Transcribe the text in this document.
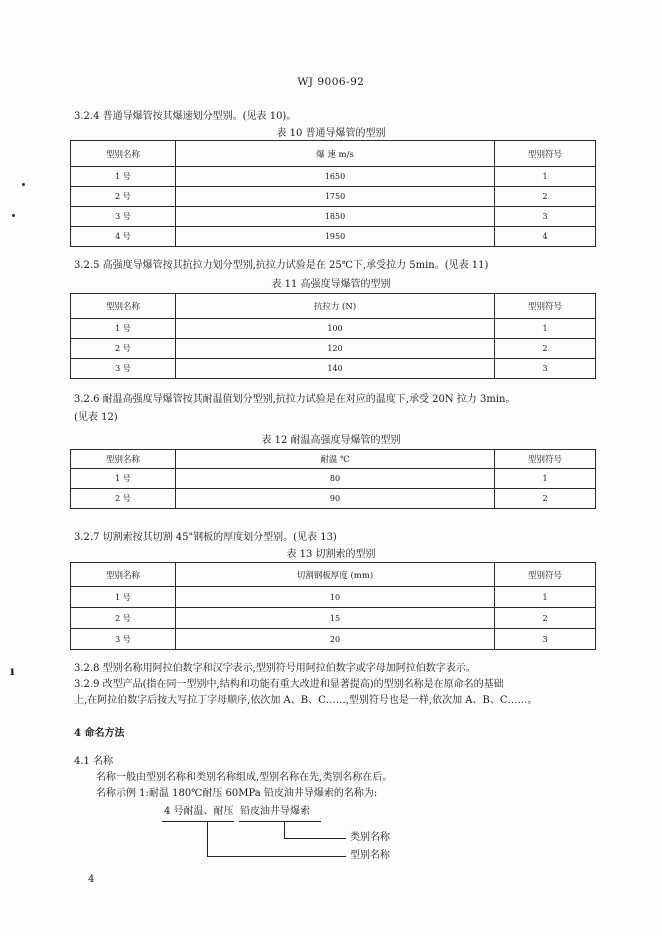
WJ 9006-92
ı
3.2.4 普通导爆管按其爆速划分型别。(见表 10)。
表 10 普通导爆管的型别
型别名称	爆 速 m/s	型别符号
1 号	1650	1
2 号	1750	2
3 号	1850	3
4 号	1950	4
3.2.5 高强度导爆管按其抗拉力划分型别,抗拉力试验是在 25℃下,承受拉力 5min。(见表 11)
表 11 高强度导爆管的型别
型别名称	抗拉力 (N)	型别符号
1 号	100	1
2 号	120	2
3 号	140	3
3.2.6 耐温高强度导爆管按其耐温值划分型别,抗拉力试验是在对应的温度下,承受 20N 拉力 3min。
(见表 12)
表 12 耐温高强度导爆管的型别
型别名称	耐温 ℃	型别符号
1 号	80	1
2 号	90	2
3.2.7 切割索按其切割 45"钢板的厚度划分型别。(见表 13)
表 13 切割索的型别
型别名称	切割钢板厚度 (mm)	型别符号
1 号	10	1
2 号	15	2
3 号	20	3
3.2.8 型别名称用阿拉伯数字和汉字表示,型别符号用阿拉伯数字或字母加阿拉伯数字表示。
3.2.9 改型产品(指在同一型别中,结构和功能有重大改进和显著提高)的型别名称是在原命名的基础
上,在阿拉伯数字后按大写拉丁字母顺序,依次加 A、B、C……,型别符号也是一样,依次加 A、B、C……。
4 命名方法
4.1 名称
名称一般由型别名称和类别名称组成,型别名称在先,类别名称在后。
名称示例 1:耐温 180℃耐压 60MPa 铅皮油井导爆索的名称为:
4 号耐温、耐压 铅皮油井导爆索
类别名称
型别名称
4
